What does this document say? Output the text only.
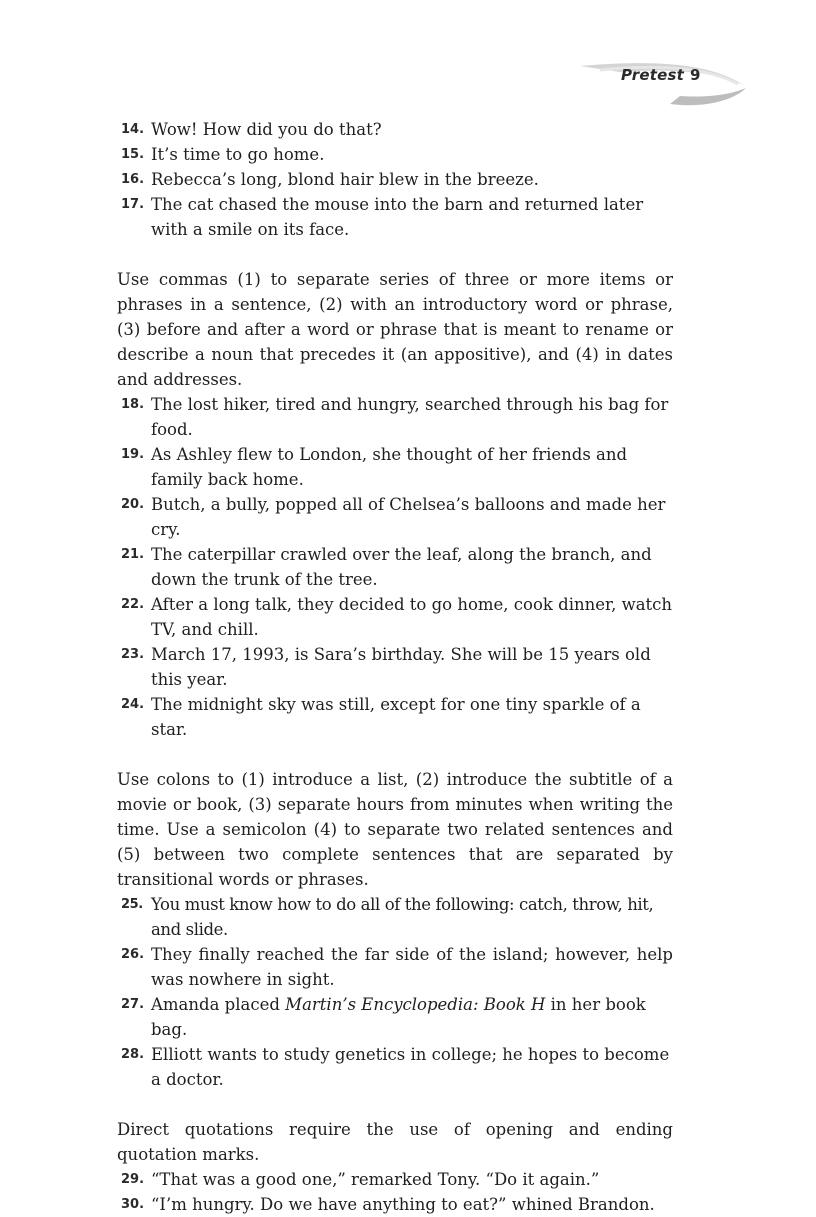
Pretest 9
14. Wow! How did you do that?
15. It’s time to go home.
16. Rebecca’s long, blond hair blew in the breeze.
17. The cat chased the mouse into the barn and returned later with a smile on its face.
Use commas (1) to separate series of three or more items or phrases in a sentence, (2) with an introductory word or phrase, (3) before and after a word or phrase that is meant to rename or describe a noun that precedes it (an appositive), and (4) in dates and addresses.
18. The lost hiker, tired and hungry, searched through his bag for food.
19. As Ashley flew to London, she thought of her friends and family back home.
20. Butch, a bully, popped all of Chelsea’s balloons and made her cry.
21. The caterpillar crawled over the leaf, along the branch, and down the trunk of the tree.
22. After a long talk, they decided to go home, cook dinner, watch TV, and chill.
23. March 17, 1993, is Sara’s birthday. She will be 15 years old this year.
24. The midnight sky was still, except for one tiny sparkle of a star.
Use colons to (1) introduce a list, (2) introduce the subtitle of a movie or book, (3) separate hours from minutes when writing the time. Use a semicolon (4) to separate two related sentences and (5) between two complete sentences that are separated by transitional words or phrases.
25. You must know how to do all of the following: catch, throw, hit, and slide.
26. They finally reached the far side of the island; however, help was nowhere in sight.
27. Amanda placed Martin’s Encyclopedia: Book H in her book bag.
28. Elliott wants to study genetics in college; he hopes to become a doctor.
Direct quotations require the use of opening and ending quotation marks.
29. “That was a good one,” remarked Tony. “Do it again.”
30. “I’m hungry. Do we have anything to eat?” whined Brandon.
